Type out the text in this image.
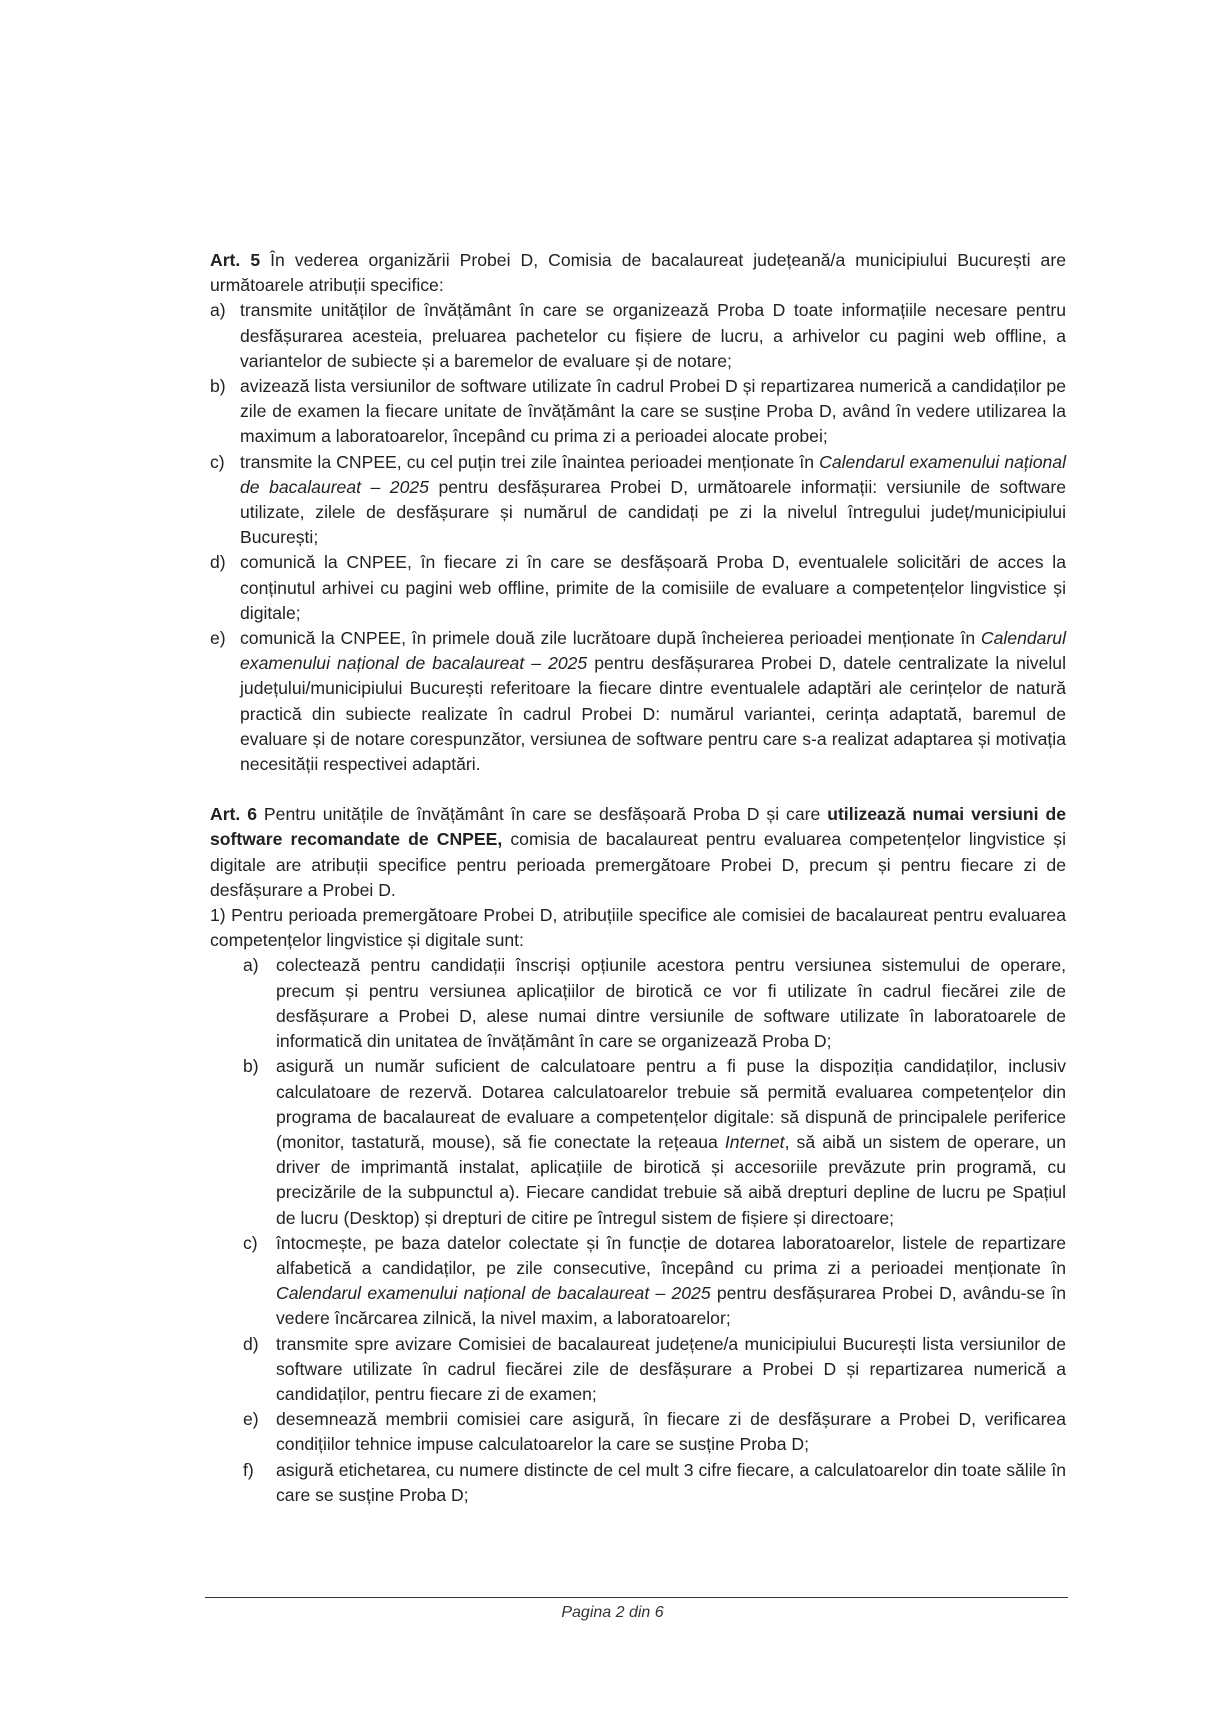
Art. 5 În vederea organizării Probei D, Comisia de bacalaureat județeană/a municipiului București are următoarele atribuții specifice:

a) transmite unităților de învățământ în care se organizează Proba D toate informațiile necesare pentru desfășurarea acesteia, preluarea pachetelor cu fișiere de lucru, a arhivelor cu pagini web offline, a variantelor de subiecte și a baremelor de evaluare și de notare;
b) avizează lista versiunilor de software utilizate în cadrul Probei D și repartizarea numerică a candidaților pe zile de examen la fiecare unitate de învățământ la care se susține Proba D, având în vedere utilizarea la maximum a laboratoarelor, începând cu prima zi a perioadei alocate probei;
c) transmite la CNPEE, cu cel puțin trei zile înaintea perioadei menționate în Calendarul examenului național de bacalaureat – 2025 pentru desfășurarea Probei D, următoarele informații: versiunile de software utilizate, zilele de desfășurare și numărul de candidați pe zi la nivelul întregului județ/municipiului București;
d) comunică la CNPEE, în fiecare zi în care se desfășoară Proba D, eventualele solicitări de acces la conținutul arhivei cu pagini web offline, primite de la comisiile de evaluare a competențelor lingvistice și digitale;
e) comunică la CNPEE, în primele două zile lucrătoare după încheierea perioadei menționate în Calendarul examenului național de bacalaureat – 2025 pentru desfășurarea Probei D, datele centralizate la nivelul județului/municipiului București referitoare la fiecare dintre eventualele adaptări ale cerințelor de natură practică din subiecte realizate în cadrul Probei D: numărul variantei, cerința adaptată, baremul de evaluare și de notare corespunzător, versiunea de software pentru care s-a realizat adaptarea și motivația necesității respectivei adaptări.

Art. 6 Pentru unitățile de învățământ în care se desfășoară Proba D și care utilizează numai versiuni de software recomandate de CNPEE, comisia de bacalaureat pentru evaluarea competențelor lingvistice și digitale are atribuții specifice pentru perioada premergătoare Probei D, precum și pentru fiecare zi de desfășurare a Probei D.

1) Pentru perioada premergătoare Probei D, atribuțiile specifice ale comisiei de bacalaureat pentru evaluarea competențelor lingvistice și digitale sunt:

a) colectează pentru candidații înscriși opțiunile acestora pentru versiunea sistemului de operare, precum și pentru versiunea aplicațiilor de birotică ce vor fi utilizate în cadrul fiecărei zile de desfășurare a Probei D, alese numai dintre versiunile de software utilizate în laboratoarele de informatică din unitatea de învățământ în care se organizează Proba D;
b) asigură un număr suficient de calculatoare pentru a fi puse la dispoziția candidaților, inclusiv calculatoare de rezervă. Dotarea calculatoarelor trebuie să permită evaluarea competențelor din programa de bacalaureat de evaluare a competențelor digitale: să dispună de principalele periferice (monitor, tastatură, mouse), să fie conectate la rețeaua Internet, să aibă un sistem de operare, un driver de imprimantă instalat, aplicațiile de birotică și accesoriile prevăzute prin programă, cu precizările de la subpunctul a). Fiecare candidat trebuie să aibă drepturi depline de lucru pe Spațiul de lucru (Desktop) și drepturi de citire pe întregul sistem de fișiere și directoare;
c)	întocmește, pe baza datelor colectate și în funcție de dotarea laboratoarelor, listele de repartizare alfabetică a candidaților, pe zile consecutive, începând cu prima zi a perioadei menționate în Calendarul examenului național de bacalaureat – 2025 pentru desfășurarea Probei D, avându-se în vedere încărcarea zilnică, la nivel maxim, a laboratoarelor;
d) transmite spre avizare Comisiei de bacalaureat județene/a municipiului București lista versiunilor de software utilizate în cadrul fiecărei zile de desfășurare a Probei D și repartizarea numerică a candidaților, pentru fiecare zi de examen;
e) desemnează membrii comisiei care asigură, în fiecare zi de desfășurare a Probei D, verificarea condițiilor tehnice impuse calculatoarelor la care se susține Proba D;
f)	asigură etichetarea, cu numere distincte de cel mult 3 cifre fiecare, a calculatoarelor din toate sălile în care se susține Proba D;
Pagina 2 din 6
